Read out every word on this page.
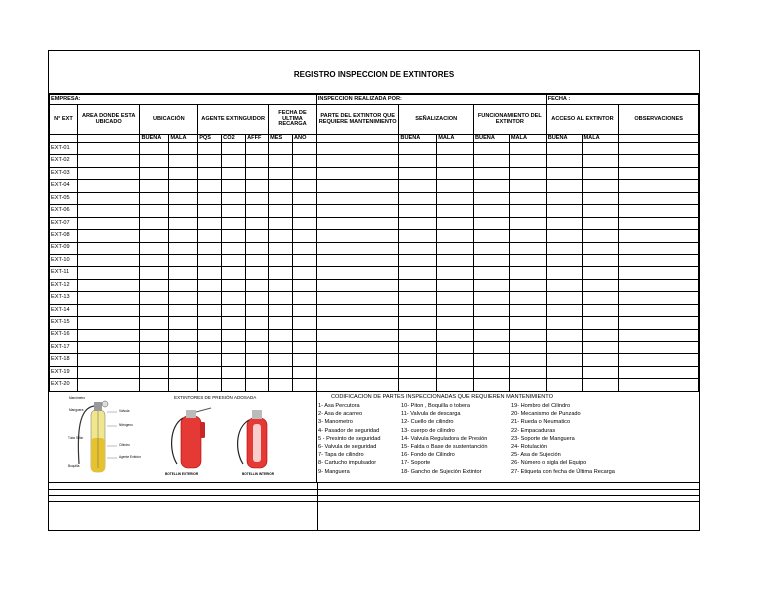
REGISTRO INSPECCION DE EXTINTORES
EMPRESA:									INSPECCION REALIZADA POR:					FECHA :		
N° EXT	AREA DONDE ESTA UBICADO	UBICACIÓN		AGENTE EXTINGUIDOR			FECHA DE ULTIMA RECARGA		PARTE DEL EXTINTOR QUE REQUIERE MANTENIMIENTO	SEÑALIZACION		FUNCIONAMIENTO DEL EXTINTOR		ACCESO AL EXTINTOR		OBSERVACIONES
		BUENA	MALA	PQS	CO2	AFFF	MES	AÑO		BUENA	MALA	BUENA	MALA	BUENA	MALA	
EXT-01																
EXT-02																
EXT-03																
EXT-04																
EXT-05																
EXT-06																
EXT-07																
EXT-08																
EXT-09																
EXT-10																
EXT-11																
EXT-12																
EXT-13																
EXT-14																
EXT-15																
EXT-16																
EXT-17																
EXT-18																
EXT-19																
EXT-20																
EXTINTORES DE PRESIÓN ADOSADA
Manómetro
Manguera
Tubo Sifón
Boquilla
Válvula
Nitrógeno
Cilindro
Agente Extintor
BOTELLIN EXTERIOR	BOTELLIN INTERIOR
CODIFICACION DE PARTES INSPECCIONADAS QUE REQUIEREN MANTENIMIENTO
1- Asa Percutora
2- Asa de acarreo
3- Manometro
4- Pasador de seguridad
5 - Presinto de seguridad
6- Valvula de seguridad
7- Tapa de cilindro
8- Cartucho impulsador
9- Manguera
10- Piton , Boquilla o tobera
11- Valvula de descarga
12- Cuello de cilindro
13- cuerpo de cilindro
14- Valvula Reguladora de Presión
15- Falda o Base de sustentanción
16- Fondo de Cilindro
17- Soporte
18- Gancho de Sujeción Extintor
19- Hombro del Cilindro
20- Mecanismo de Punzado
21- Rueda o Neumatico
22- Empacaduras
23- Soporte de Manguera
24- Rotulación
25- Asa de Sujeción
26- Número o sigla del Equipo
27- Etiqueta con fecha de Última Recarga
